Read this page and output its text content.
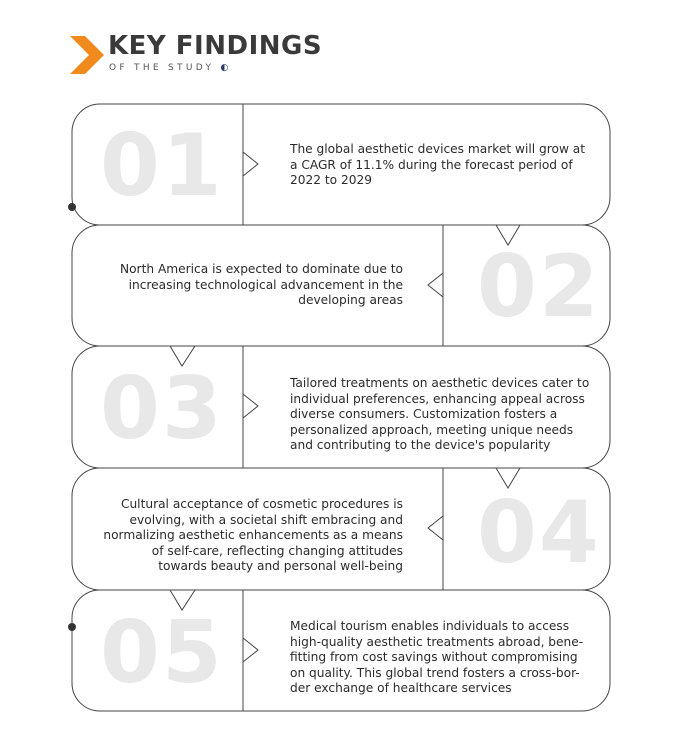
KEY FINDINGS
OF THE STUDY ◐
01	The global aesthetic devices market will grow at a CAGR of 11.1% during the forecast period of 2022 to 2029
02
North America is expected to dominate due to increasing technological advancement in the developing areas
03	Tailored treatments on aesthetic devices cater to individual preferences, enhancing appeal across diverse consumers. Customization fosters a personalized approach, meeting unique needs and contributing to the device's popularity
04
Cultural acceptance of cosmetic procedures is evolving, with a societal shift embracing and normalizing aesthetic enhancements as a means of self-care, reflecting changing attitudes towards beauty and personal well-being
05	Medical tourism enables individuals to access high-quality aesthetic treatments abroad, bene-fitting from cost savings without compromising on quality. This global trend fosters a cross-bor-der exchange of healthcare services
